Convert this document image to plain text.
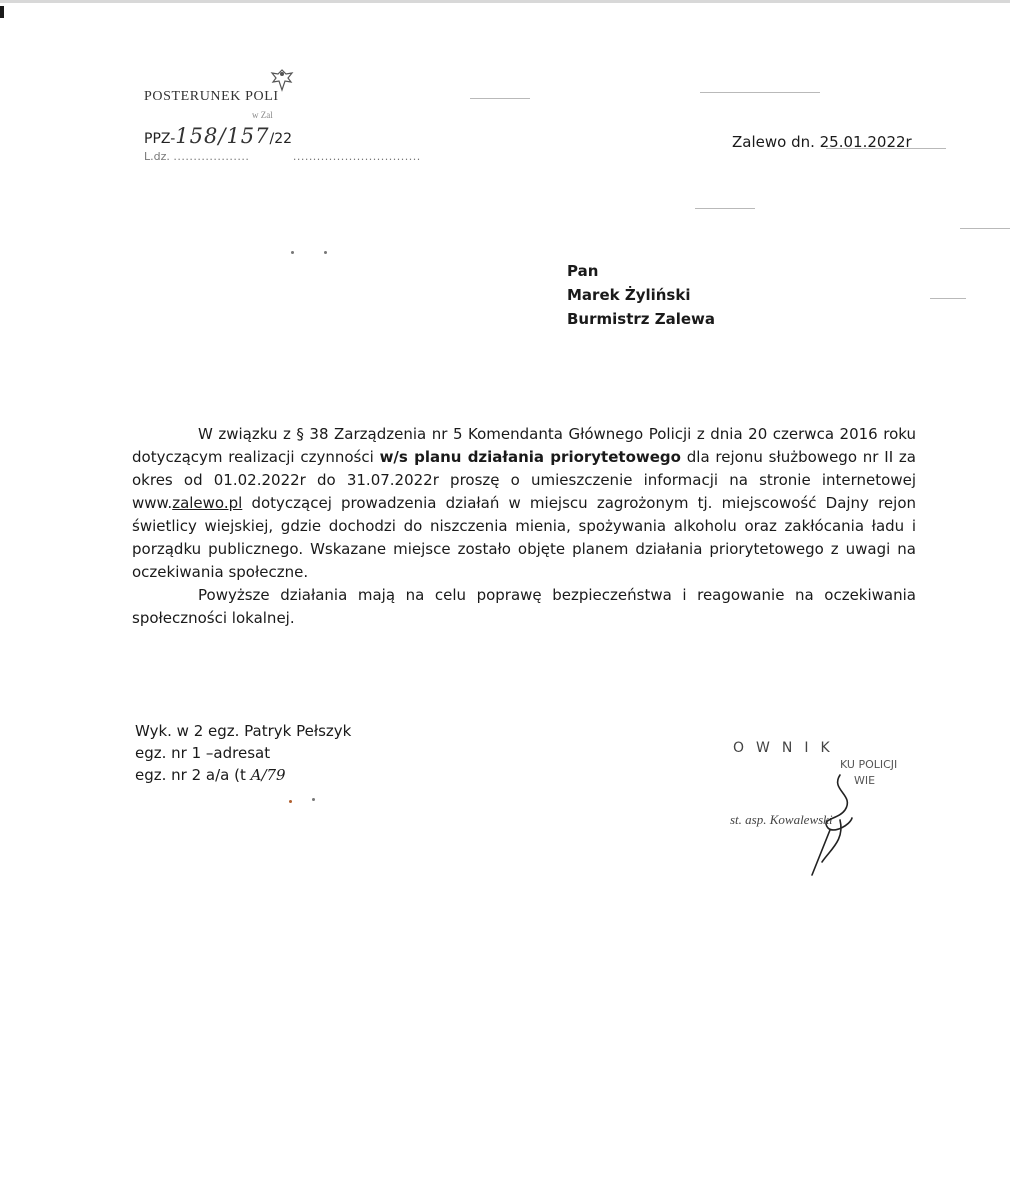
POSTERUNEK POLI
w Zal
PPZ-158/157/22
L.dz. ...................	................................
Zalewo dn. 25.01.2022r
Pan
Marek Żyliński
Burmistrz Zalewa

W związku z § 38 Zarządzenia nr 5 Komendanta Głównego Policji z dnia 20 czerwca 2016 roku dotyczącym realizacji czynności w/s planu działania priorytetowego dla rejonu służbowego nr II za okres od 01.02.2022r do 31.07.2022r proszę o umieszczenie informacji na stronie internetowej www.zalewo.pl dotyczącej prowadzenia działań w miejscu zagrożonym tj. miejscowość Dajny rejon świetlicy wiejskiej, gdzie dochodzi do niszczenia mienia, spożywania alkoholu oraz zakłócania ładu i porządku publicznego. Wskazane miejsce zostało objęte planem działania priorytetowego z uwagi na oczekiwania społeczne.

Powyższe działania mają na celu poprawę bezpieczeństwa i reagowanie na oczekiwania społeczności lokalnej.

Wyk. w 2 egz. Patryk Pełszyk
egz. nr 1 –adresat
egz. nr 2 a/a (t A/79
OWNIK
KU POLICJI
WIE
st. asp. Kowalewski
